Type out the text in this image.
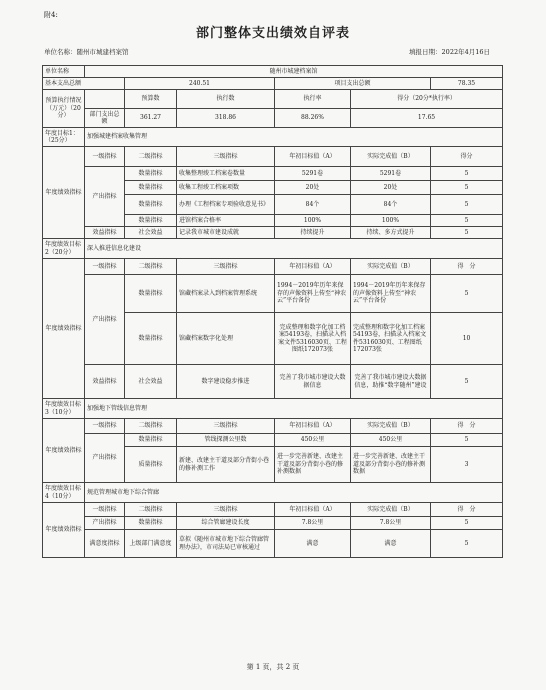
附4:
部门整体支出绩效自评表
单位名称：随州市城建档案馆	填报日期：2022年4月16日
单位名称	随州市城建档案馆					
基本支出总额		240.51		项目支出总额		78.35
预算执行情况（万元）（20分）		预算数	执行数	执行率	得分（20分*执行率）	
	部门支出总额	361.27	318.86	88.26%	17.65	
年度目标1：（25分）	加强城建档案收集管理					
年度绩效指标	一级指标	二级指标	三级指标	年初目标值（A）	实际完成值（B）	得分
	产出指标	数量指标	收集整理竣工档案卷数量	5291卷	5291卷	5
		数量指标	收集工程竣工档案项数	20处	20处	5
		数量指标	办理《工程档案专项验收意见书》	84个	84个	5
		数量指标	进馆档案合格率	100%	100%	5
	效益指标	社会效益	记录我市城市建设成就	持续提升	持续、多方式提升	5
年度绩效目标2（20分）	深入推进信息化建设					
年度绩效指标	一级指标	二级指标	三级指标	年初目标值（A）	实际完成值（B）	得　分
	产出指标	数量指标	馆藏档案录入到档案管理系统	1994－2019年历年来保存的声像资料上传至“神农云”平台备份	1994－2019年历年来保存的声像资料上传至“神农云”平台备份	5
		数量指标	馆藏档案数字化处理	完成整理和数字化加工档案54193卷，扫描录入档案文件5316030页、工程图纸172073张	完成整理和数字化加工档案54193卷，扫描录入档案文件5316030页、工程图纸172073张	10
	效益指标	社会效益	数字建设稳步推进	完善了我市城市建设大数据信息	完善了我市城市建设大数据信息，助推“数字随州”建设	5
年度绩效目标3（10分）	加强地下管线信息管理					
年度绩效指标	一级指标	二级指标	三级指标	年初目标值（A）	实际完成值（B）	得　分
	产出指标	数量指标	管线探测公里数	450公里	450公里	5
		质量指标	新建、改建主干道及部分背街小巷的修补测工作	进一步完善新建、改建主干道及部分背街小巷的修补测数据	进一步完善新建、改建主干道及部分背街小巷的修补测数据	3
年度绩效目标4（10分）	规范管理城市地下综合管廊					
年度绩效指标	一级指标	二级指标	三级指标	年初目标值（A）	实际完成值（B）	得　分
	产出指标	数量指标	综合管廊建设长度	7.8公里	7.8公里	5
	满意度指标	上级部门满意度	草拟《随州市城市地下综合管廊管理办法》，市司法局已审核通过	满意	满意	5
第 1 页，共 2 页
